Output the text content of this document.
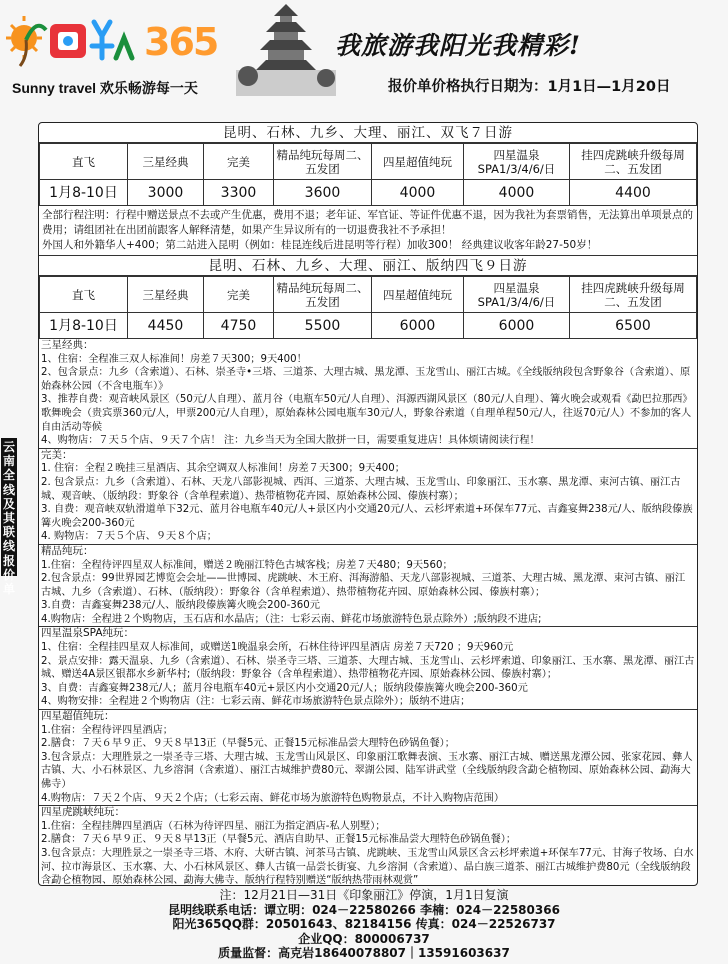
365
Sunny travel 欢乐畅游每一天
我旅游我阳光我精彩!
报价单价格执行日期为：1月1日—1月20日
云南全线及其联线报价单
昆明、石林、九乡、大理、丽江、双飞７日游
直飞	三星经典	完美	精品纯玩每周二、五发团	四星超值纯玩	四星温泉SPA1/3/4/6/日	挂四虎跳峡升级每周二、五发团
1月8-10日	3000	3300	3600	4000	4000	4400
全部行程注明：行程中赠送景点不去或产生优惠，费用不退；老年证、军官证、等证件优惠不退，因为我社为套票销售，无法算出单项景点的费用；请组团社在出团前跟客人解释清楚，如果产生异议所有的一切退费我社不予承担！
外国人和外籍华人+400；第二站进入昆明（例如：桂昆连线后进昆明等行程）加收300！ 经典建议收客年龄27-50岁！
昆明、石林、九乡、大理、丽江、版纳四飞９日游
直飞	三星经典	完美	精品纯玩每周二、五发团	四星超值纯玩	四星温泉SPA1/3/4/6/日	挂四虎跳峡升级每周二、五发团
1月8-10日	4450	4750	5500	6000	6000	6500
三星经典：
1、住宿：全程准三双人标准间！房差７天300；9天400！
2、包含景点：九乡（含索道）、石林、崇圣寺•三塔、三道茶、大理古城、黑龙潭、玉龙雪山、丽江古城。《全线版纳段包含野象谷（含索道）、原始森林公园（不含电瓶车）》
3、推荐自费：观音峡风景区（50元/人自理）、蓝月谷（电瓶车50元/人自理）、洱源西湖风景区（80元/人自理）、篝火晚会或观看《勐巴拉那西》歌舞晚会（贵宾票360元/人，甲票200元/人自理），原始森林公园电瓶车30元/人，野象谷索道（自理单程50元/人，往返70元/人）不参加的客人自由活动等候
4、购物店：７天５个店、９天７个店！ 注：九乡当天为全国大散拼一日，需要重复进店！具体烦请阅读行程！
完美：
1. 住宿：全程２晚挂三星酒店、其余空调双人标准间！房差７天300；9天400；
2. 包含景点：九乡（含索道）、石林、天龙八部影视城、西洱、三道茶、大理古城、玉龙雪山、印象丽江、玉水寨、黑龙潭、束河古镇、丽江古城、观音峡、（版纳段：野象谷（含单程索道）、热带植物花卉园、原始森林公园、傣族村寨）；
3. 自费：观音峡双轨滑道单下32元、蓝月谷电瓶车40元/人+景区内小交通20元/人、云杉坪索道+环保车77元、吉鑫宴舞238元/人、版纳段傣族篝火晚会200-360元
4. 购物店：７天５个店、９天８个店；
精品纯玩：
1.住宿：全程待评四星双人标准间，赠送２晚丽江特色古城客栈；房差７天480；9天560；
2.包含景点：99世界园艺博览会会址——世博园、虎跳峡、木王府、洱海游船、天龙八部影视城、三道茶、大理古城、黑龙潭、束河古镇、丽江古城、九乡（含索道）、石林、（版纳段）：野象谷（含单程索道）、热带植物花卉园、原始森林公园、傣族村寨）；
3.自费：吉鑫宴舞238元/人、版纳段傣族篝火晚会200-360元
4.购物店：全程进２个购物店，玉石店和水晶店；（注：七彩云南、鲜花市场旅游特色景点除外）;版纳段不进店;
四星温泉SPA纯玩：
1、住宿：全程挂四星双人标准间，或赠送1晚温泉会所，石林住待评四星酒店 房差７天720 ；9天960元
2、景点安排：露天温泉、九乡（含索道）、石林、崇圣寺三塔、三道茶、大理古城、玉龙雪山、云杉坪索道、印象丽江、玉水寨、黑龙潭、丽江古城、赠送4A景区银都水乡新华村;（版纳段：野象谷（含单程索道）、热带植物花卉园、原始森林公园、傣族村寨）；
3、自费：吉鑫宴舞238元/人；蓝月谷电瓶车40元+景区内小交通20元/人；版纳段傣族篝火晚会200-360元
4、购物安排：全程进２个购物店（注：七彩云南、鲜花市场旅游特色景点除外）；版纳不进店；
四星超值纯玩：
1.住宿：全程待评四星酒店；
2.膳食：７天６早９正、９天８早13正（早餐5元、正餐15元标准品尝大理特色砂锅鱼餐）；
3.包含景点：大理胜景之一崇圣寺三塔、大理古城、玉龙雪山风景区、印象丽江歌舞表演、玉水寨、丽江古城、赠送黑龙潭公园、张家花园、彝人古镇、大、小石林景区、九乡溶洞（含索道）、丽江古城维护费80元、翠湖公园、陆军讲武堂（全线版纳段含勐仑植物园、原始森林公园、勐海大佛寺）
4.购物店：７天２个店、９天２个店；（七彩云南、鲜花市场为旅游特色购物景点，不计入购物店范围）
四星虎跳峡纯玩：
1.住宿：全程挂牌四星酒店（石林为待评四星、丽江为指定酒店-私人别墅）；
2.膳食：７天６早９正、９天８早13正（早餐5元、酒店自助早、正餐15元标准品尝大理特色砂锅鱼餐）；
3.包含景点：大理胜景之一崇圣寺三塔、木府、大研古镇、河茶马古镇、虎跳峡、玉龙雪山风景区含云杉坪索道+环保车77元、甘海子牧场、白水河、拉市海景区、玉水寨、大、小石林风景区、彝人古镇一品尝长街宴、九乡溶洞（含索道）、晶白族三道茶、丽江古城维护费80元（全线版纳段含勐仑植物园、原始森林公园、勐海大佛寺、版纳行程特别赠送“版纳热带雨林观赏”
注：12月21日—31日《印象丽江》停演，1月1日复演
昆明线联系电话：谭立明：024－22580266 李楠：024－22580366
阳光365QQ群：20501643、82184156 传真：024－22526737
企业QQ：800006737
质量监督：高克岩18640078807｜13591603637
